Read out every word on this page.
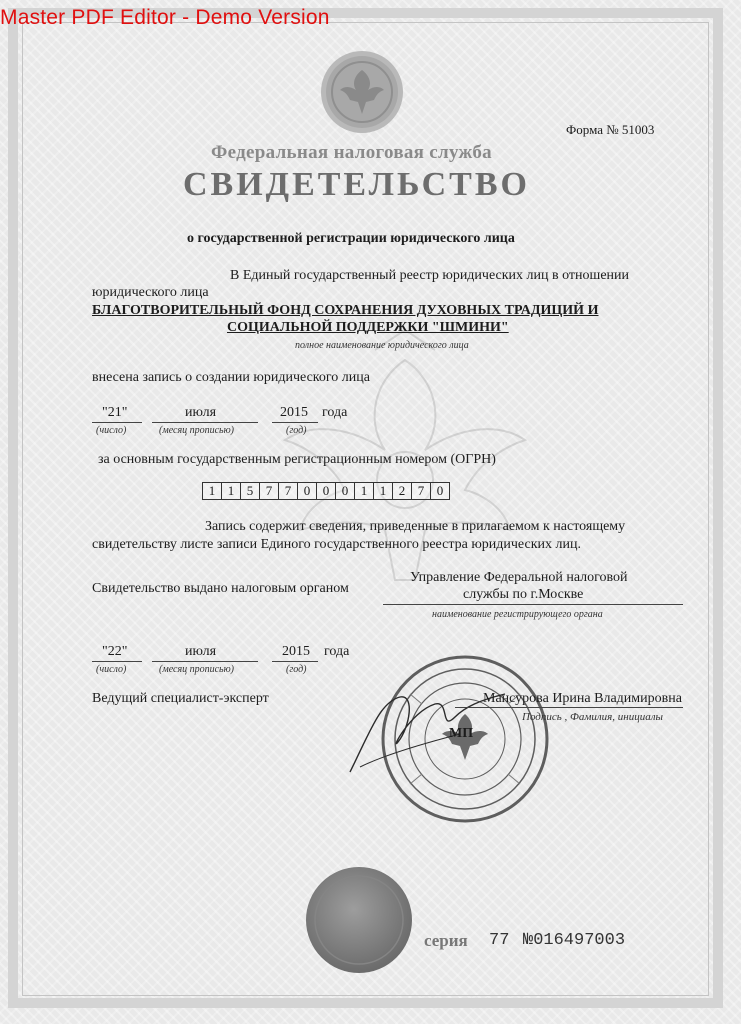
Master PDF Editor - Demo Version
Форма № 51003
Федеральная налоговая служба
СВИДЕТЕЛЬСТВО
о государственной регистрации юридического лица
В Единый государственный реестр юридических лиц в отношении
юридического лица
БЛАГОТВОРИТЕЛЬНЫЙ ФОНД СОХРАНЕНИЯ ДУХОВНЫХ ТРАДИЦИЙ И
СОЦИАЛЬНОЙ ПОДДЕРЖКИ "ШМИНИ"
полное наименование юридического лица
внесена запись о создании юридического лица
"21"
(число)
июля
(месяц прописью)
2015 года
(год)
за основным государственным регистрационным номером (ОГРН)
1 1 5 7 7 0 0 0 1 1 2 7 0
Запись содержит сведения, приведенные в прилагаемом к настоящему
свидетельству листе записи Единого государственного реестра юридических лиц.
Свидетельство выдано налоговым органом
Управление Федеральной налоговой
службы по г.Москве
наименование регистрирующего органа
"22"
(число)
июля
(месяц прописью)
2015 года
(год)
Ведущий специалист-эксперт	Мансурова Ирина Владимировна
Подпись , Фамилия, инициалы
МП
серия 77 №016497003
